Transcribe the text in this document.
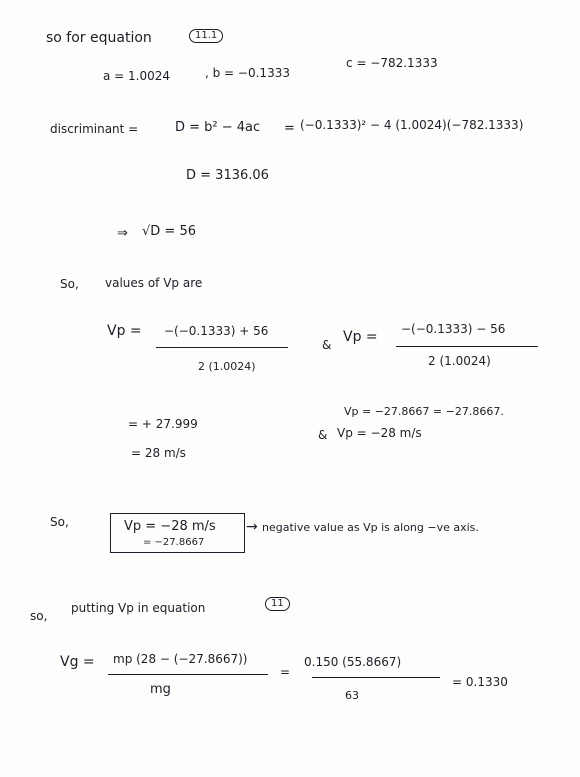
so for equation	11.1
a = 1.0024	, b = −0.1333
c = −782.1333
discriminant =	D = b² − 4ac = (−0.1333)² − 4 (1.0024)(−782.1333)
D = 3136.06
⇒ √D = 56
So, values of Vp are
Vp = −(−0.1333) + 56
2 (1.0024)
& Vp = −(−0.1333) − 56
2 (1.0024)
= + 27.999
= 28 m/s
Vp = −27.8667 = −27.8667.
& Vp = −28 m/s
So,	Vp = −28 m/s
= −27.8667
→ negative value as Vp is along −ve axis.
so,
putting Vp in equation	11
Vg = mp (28 − (−27.8667))
mg
=
0.150 (55.8667)
63
= 0.1330
